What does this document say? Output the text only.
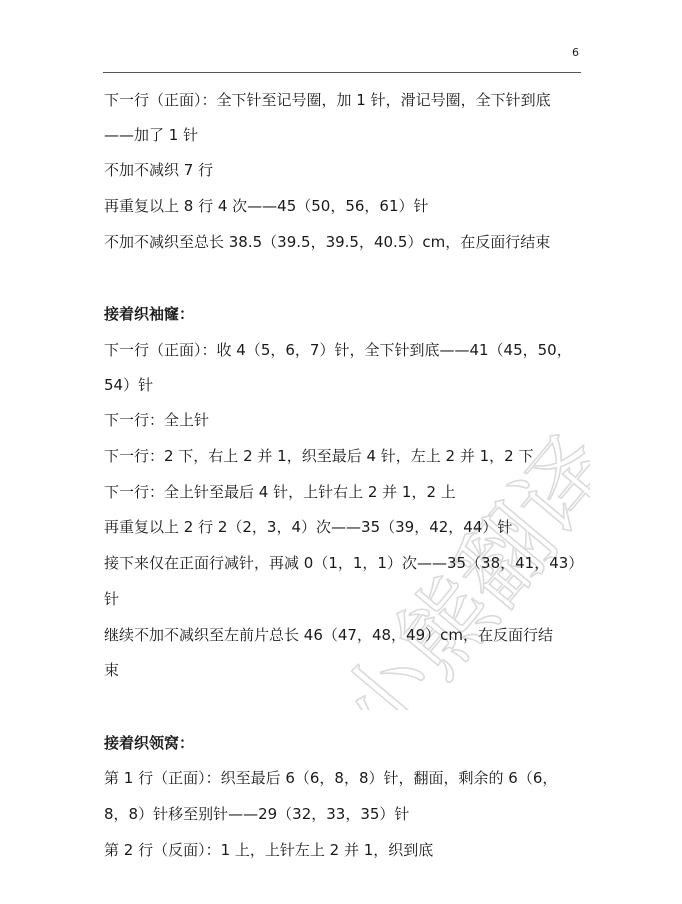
6
小熊翻译
下一行（正面）：全下针至记号圈，加 1 针，滑记号圈，全下针到底
——加了 1 针
不加不减织 7 行
再重复以上 8 行 4 次——45（50，56，61）针
不加不减织至总长 38.5（39.5，39.5，40.5）cm，在反面行结束
接着织袖窿：
下一行（正面）：收 4（5，6，7）针，全下针到底——41（45，50，
54）针
下一行：全上针
下一行：2 下，右上 2 并 1，织至最后 4 针，左上 2 并 1，2 下
下一行：全上针至最后 4 针，上针右上 2 并 1，2 上
再重复以上 2 行 2（2，3，4）次——35（39，42，44）针
接下来仅在正面行减针，再减 0（1，1，1）次——35（38，41，43）
针
继续不加不减织至左前片总长 46（47，48，49）cm，在反面行结
束
接着织领窝：
第 1 行（正面）：织至最后 6（6，8，8）针，翻面，剩余的 6（6，
8，8）针移至别针——29（32，33，35）针
第 2 行（反面）：1 上，上针左上 2 并 1，织到底
